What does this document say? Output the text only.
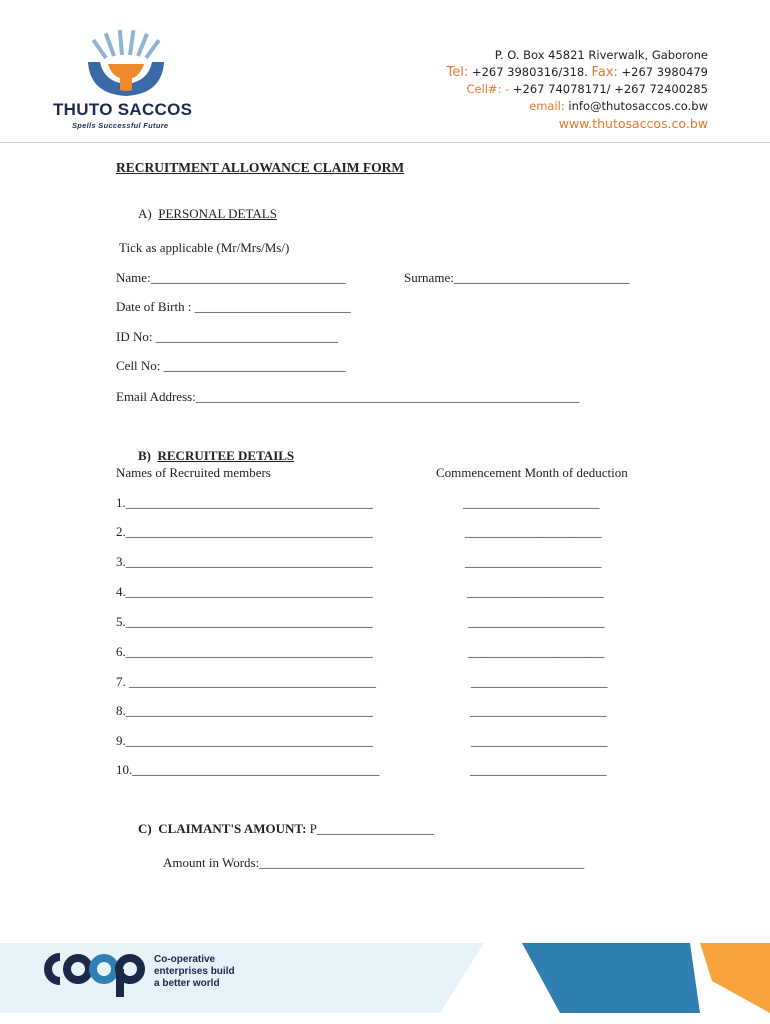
THUTO SACCOS
Spells Successful Future
P. O. Box 45821 Riverwalk, Gaborone
Tel: +267 3980316/318. Fax: +267 3980479
Cell#: - +267 74078171/ +267 72400285
email: info@thutosaccos.co.bw
www.thutosaccos.co.bw
RECRUITMENT ALLOWANCE CLAIM FORM
A) PERSONAL DETALS
Tick as applicable (Mr/Mrs/Ms/)
Name:______________________________	Surname:___________________________
Date of Birth : ________________________
ID No: ____________________________
Cell No: ____________________________
Email Address:___________________________________________________________
B) RECRUITEE DETAILS
Names of Recruited members	Commencement Month of deduction
1.______________________________________	_____________________
2.______________________________________	_____________________
3.______________________________________	_____________________
4.______________________________________	_____________________
5.______________________________________	_____________________
6.______________________________________	_____________________
7. ______________________________________	_____________________
8.______________________________________	_____________________
9.______________________________________	_____________________
10.______________________________________	_____________________
C) CLAIMANT'S AMOUNT: P__________________
Amount in Words:__________________________________________________
Co-operative
enterprises build
a better world
